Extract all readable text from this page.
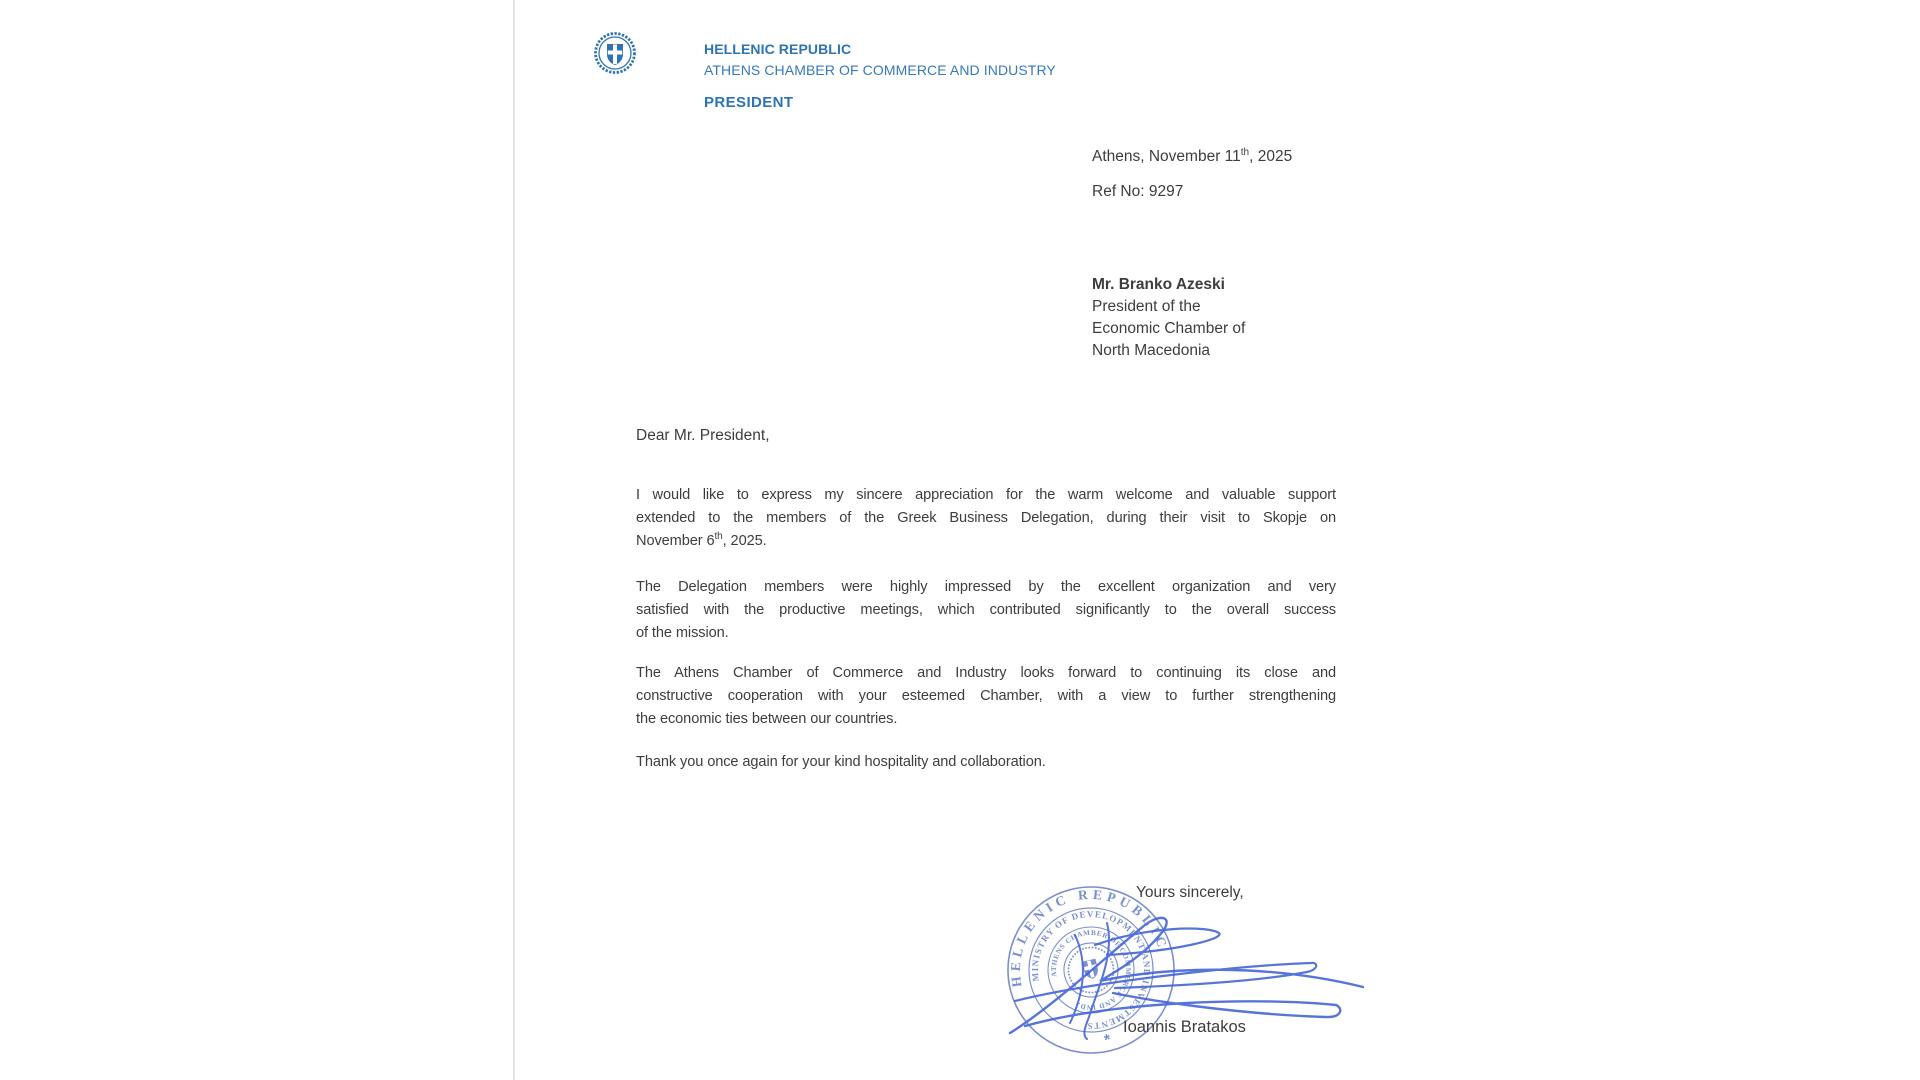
HELLENIC REPUBLIC
ATHENS CHAMBER OF COMMERCE AND INDUSTRY
PRESIDENT
Athens, November 11th, 2025
Ref No: 9297
Mr. Branko Azeski
President of the
Economic Chamber of
North Macedonia
Dear Mr. President,
I would like to express my sincere appreciation for the warm welcome and valuable support
extended to the members of the Greek Business Delegation, during their visit to Skopje on
November 6th, 2025.
The Delegation members were highly impressed by the excellent organization and very
satisfied with the productive meetings, which contributed significantly to the overall success
of the mission.
The Athens Chamber of Commerce and Industry looks forward to continuing its close and
constructive cooperation with your esteemed Chamber, with a view to further strengthening
the economic ties between our countries.
Thank you once again for your kind hospitality and collaboration.
Yours sincerely,
HELLENIC REPUBLIC
MINISTRY OF DEVELOPMENT AND INVESTMENTS
ATHENS CHAMBER OF COMMERCE AND IND.
*
Ioannis Bratakos
